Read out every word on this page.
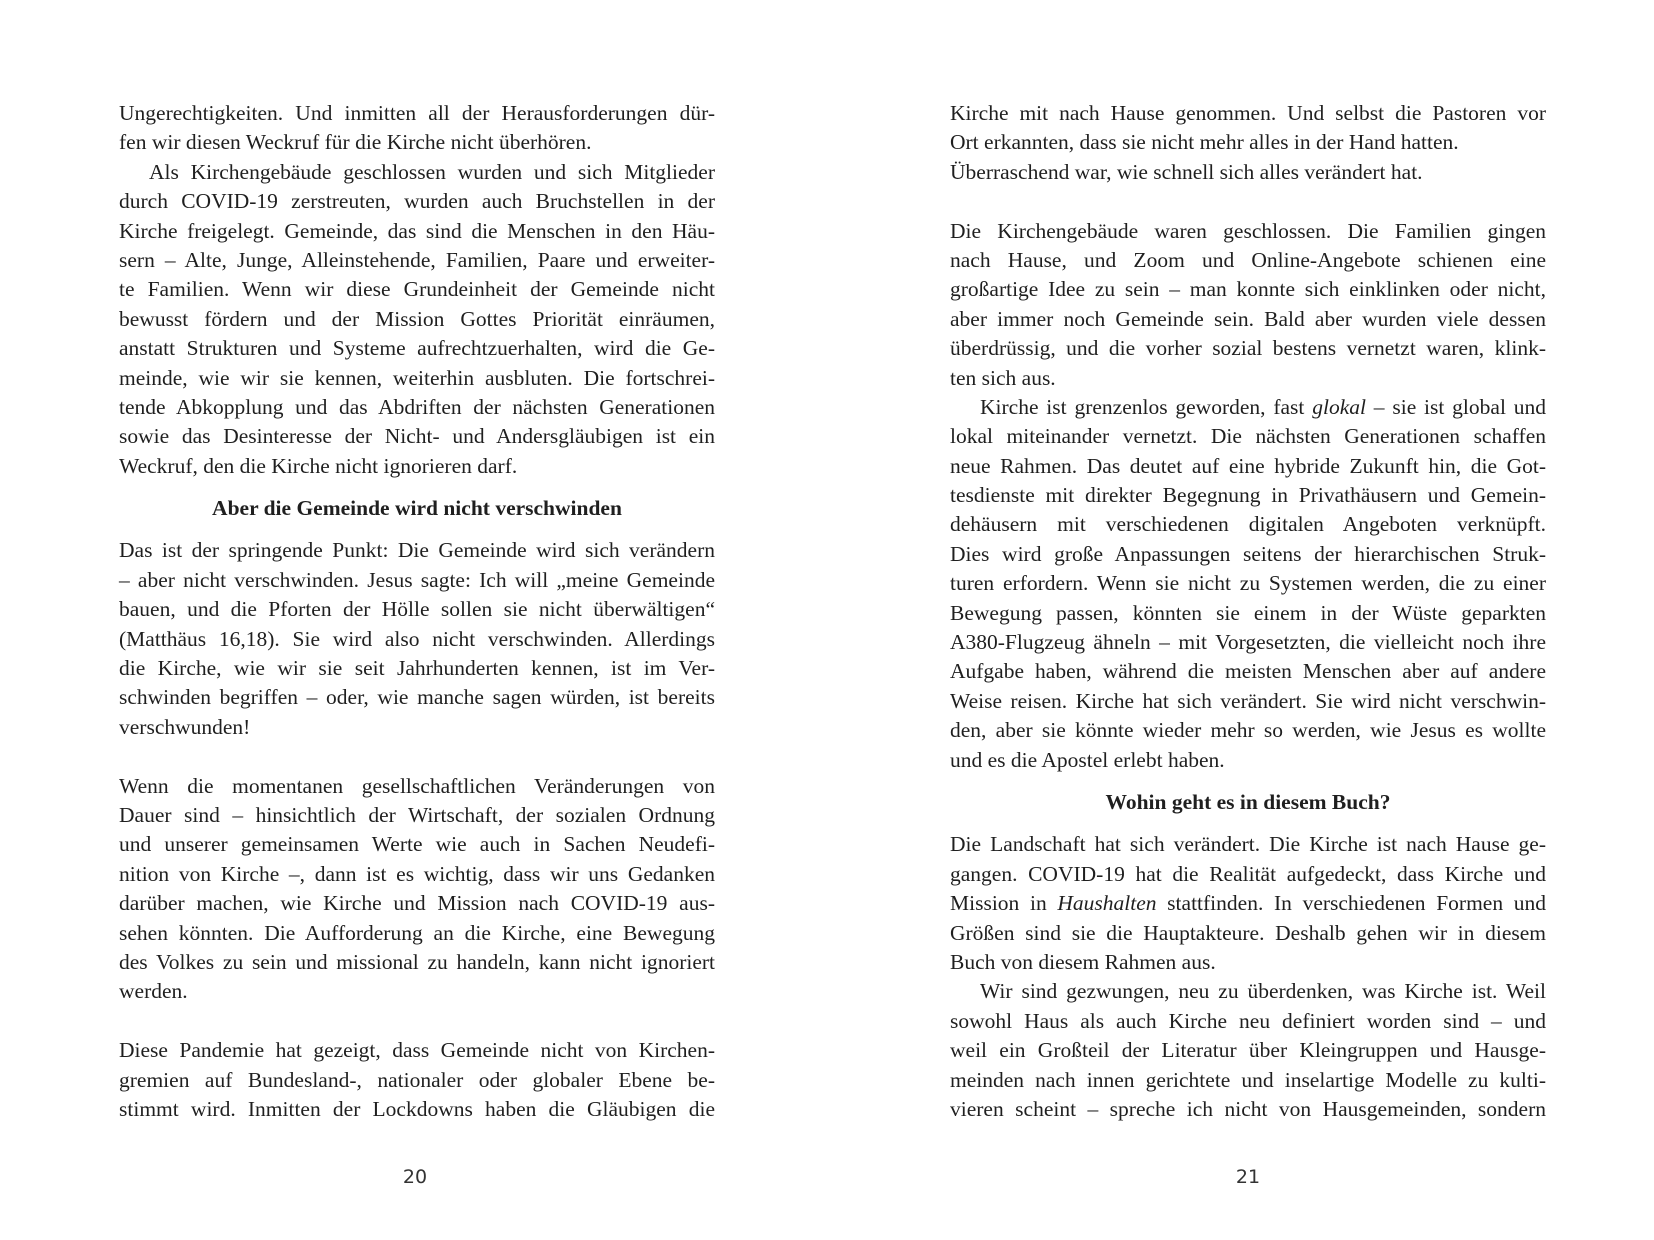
Ungerechtigkeiten. Und inmitten all der Herausforderungen dür-
fen wir diesen Weckruf für die Kirche nicht überhören.
Als Kirchengebäude geschlossen wurden und sich Mitglieder
durch COVID-19 zerstreuten, wurden auch Bruchstellen in der
Kirche freigelegt. Gemeinde, das sind die Menschen in den Häu-
sern – Alte, Junge, Alleinstehende, Familien, Paare und erweiter-
te Familien. Wenn wir diese Grundeinheit der Gemeinde nicht
bewusst fördern und der Mission Gottes Priorität einräumen,
anstatt Strukturen und Systeme aufrechtzuerhalten, wird die Ge-
meinde, wie wir sie kennen, weiterhin ausbluten. Die fortschrei-
tende Abkopplung und das Abdriften der nächsten Generationen
sowie das Desinteresse der Nicht- und Andersgläubigen ist ein
Weckruf, den die Kirche nicht ignorieren darf.
Aber die Gemeinde wird nicht verschwinden
Das ist der springende Punkt: Die Gemeinde wird sich verändern
– aber nicht verschwinden. Jesus sagte: Ich will „meine Gemeinde
bauen, und die Pforten der Hölle sollen sie nicht überwältigen“
(Matthäus 16,18). Sie wird also nicht verschwinden. Allerdings
die Kirche, wie wir sie seit Jahrhunderten kennen, ist im Ver-
schwinden begriffen – oder, wie manche sagen würden, ist bereits
verschwunden!
Wenn die momentanen gesellschaftlichen Veränderungen von
Dauer sind – hinsichtlich der Wirtschaft, der sozialen Ordnung
und unserer gemeinsamen Werte wie auch in Sachen Neudefi-
nition von Kirche –, dann ist es wichtig, dass wir uns Gedanken
darüber machen, wie Kirche und Mission nach COVID-19 aus-
sehen könnten. Die Aufforderung an die Kirche, eine Bewegung
des Volkes zu sein und missional zu handeln, kann nicht ignoriert
werden.
Diese Pandemie hat gezeigt, dass Gemeinde nicht von Kirchen-
gremien auf Bundesland-, nationaler oder globaler Ebene be-
stimmt wird. Inmitten der Lockdowns haben die Gläubigen die
20
Kirche mit nach Hause genommen. Und selbst die Pastoren vor
Ort erkannten, dass sie nicht mehr alles in der Hand hatten.
Überraschend war, wie schnell sich alles verändert hat.
Die Kirchengebäude waren geschlossen. Die Familien gingen
nach Hause, und Zoom und Online-Angebote schienen eine
großartige Idee zu sein – man konnte sich einklinken oder nicht,
aber immer noch Gemeinde sein. Bald aber wurden viele dessen
überdrüssig, und die vorher sozial bestens vernetzt waren, klink-
ten sich aus.
Kirche ist grenzenlos geworden, fast glokal – sie ist global und
lokal miteinander vernetzt. Die nächsten Generationen schaffen
neue Rahmen. Das deutet auf eine hybride Zukunft hin, die Got-
tesdienste mit direkter Begegnung in Privathäusern und Gemein-
dehäusern mit verschiedenen digitalen Angeboten verknüpft.
Dies wird große Anpassungen seitens der hierarchischen Struk-
turen erfordern. Wenn sie nicht zu Systemen werden, die zu einer
Bewegung passen, könnten sie einem in der Wüste geparkten
A380-Flugzeug ähneln – mit Vorgesetzten, die vielleicht noch ihre
Aufgabe haben, während die meisten Menschen aber auf andere
Weise reisen. Kirche hat sich verändert. Sie wird nicht verschwin-
den, aber sie könnte wieder mehr so werden, wie Jesus es wollte
und es die Apostel erlebt haben.
Wohin geht es in diesem Buch?
Die Landschaft hat sich verändert. Die Kirche ist nach Hause ge-
gangen. COVID-19 hat die Realität aufgedeckt, dass Kirche und
Mission in Haushalten stattfinden. In verschiedenen Formen und
Größen sind sie die Hauptakteure. Deshalb gehen wir in diesem
Buch von diesem Rahmen aus.
Wir sind gezwungen, neu zu überdenken, was Kirche ist. Weil
sowohl Haus als auch Kirche neu definiert worden sind – und
weil ein Großteil der Literatur über Kleingruppen und Hausge-
meinden nach innen gerichtete und inselartige Modelle zu kulti-
vieren scheint – spreche ich nicht von Hausgemeinden, sondern
21
